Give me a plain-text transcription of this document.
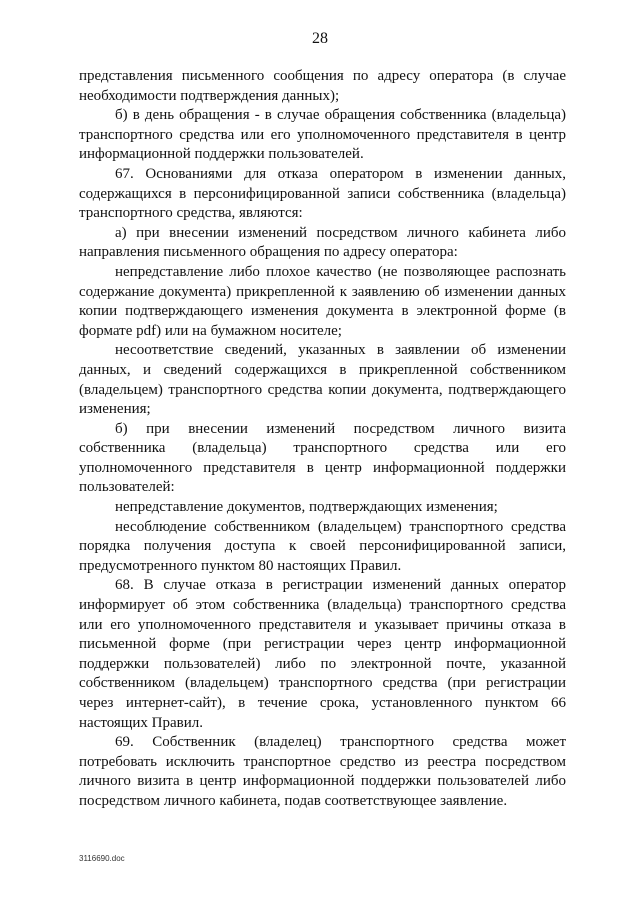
28

представления письменного сообщения по адресу оператора (в случае необходимости подтверждения данных);

б) в день обращения - в случае обращения собственника (владельца) транспортного средства или его уполномоченного представителя в центр информационной поддержки пользователей.

67. Основаниями для отказа оператором в изменении данных, содержащихся в персонифицированной записи собственника (владельца) транспортного средства, являются:

а) при внесении изменений посредством личного кабинета либо направления письменного обращения по адресу оператора:

непредставление либо плохое качество (не позволяющее распознать содержание документа) прикрепленной к заявлению об изменении данных копии подтверждающего изменения документа в электронной форме (в формате pdf) или на бумажном носителе;

несоответствие сведений, указанных в заявлении об изменении данных, и сведений содержащихся в прикрепленной собственником (владельцем) транспортного средства копии документа, подтверждающего изменения;

б) при внесении изменений посредством личного визита собственника (владельца) транспортного средства или его уполномоченного представителя в центр информационной поддержки пользователей:

непредставление документов, подтверждающих изменения;

несоблюдение собственником (владельцем) транспортного средства порядка получения доступа к своей персонифицированной записи, предусмотренного пунктом 80 настоящих Правил.

68. В случае отказа в регистрации изменений данных оператор информирует об этом собственника (владельца) транспортного средства или его уполномоченного представителя и указывает причины отказа в письменной форме (при регистрации через центр информационной поддержки пользователей) либо по электронной почте, указанной собственником (владельцем) транспортного средства (при регистрации через интернет-сайт), в течение срока, установленного пунктом 66 настоящих Правил.

69. Собственник (владелец) транспортного средства может потребовать исключить транспортное средство из реестра посредством личного визита в центр информационной поддержки пользователей либо посредством личного кабинета, подав соответствующее заявление.

3116690.doc
